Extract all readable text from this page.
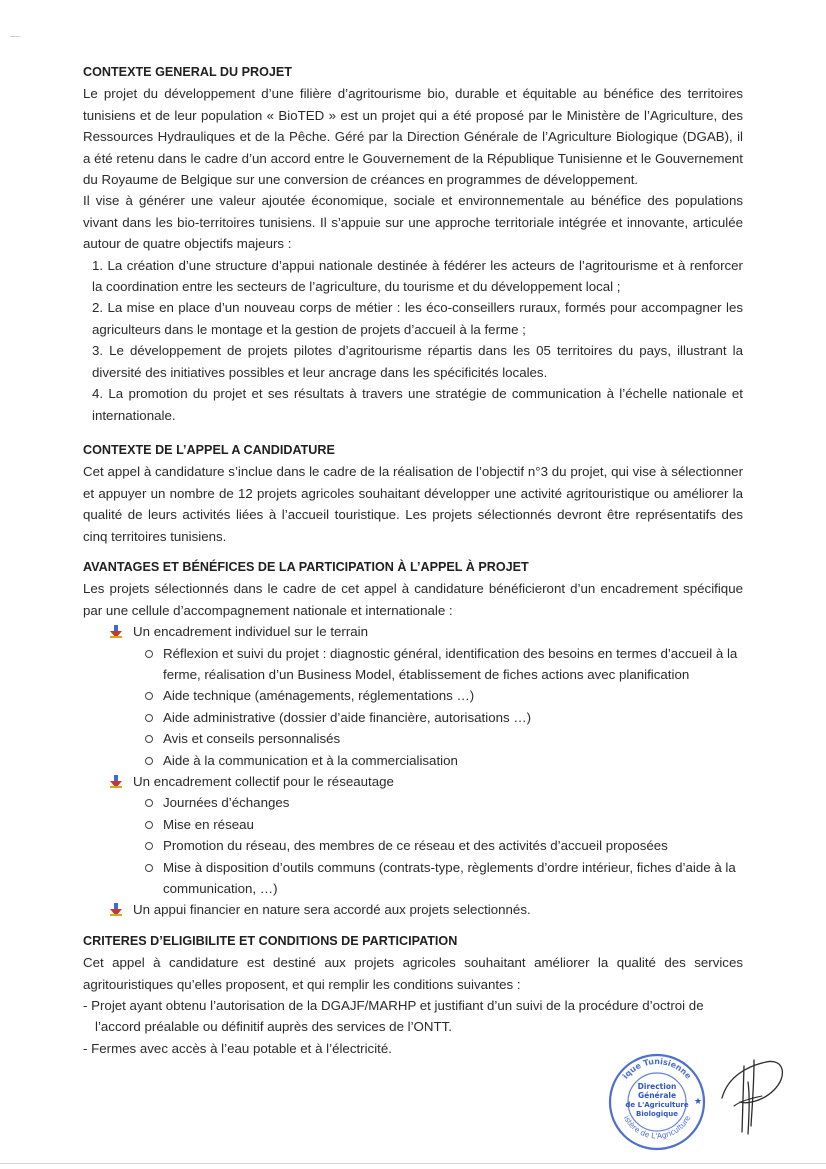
CONTEXTE GENERAL DU PROJET

Le projet du développement d’une filière d’agritourisme bio, durable et équitable au bénéfice des territoires tunisiens et de leur population « BioTED » est un projet qui a été proposé par le Ministère de l’Agriculture, des Ressources Hydrauliques et de la Pêche. Géré par la Direction Générale de l’Agriculture Biologique (DGAB), il a été retenu dans le cadre d’un accord entre le Gouvernement de la République Tunisienne et le Gouvernement du Royaume de Belgique sur une conversion de créances en programmes de développement.

Il vise à générer une valeur ajoutée économique, sociale et environnementale au bénéfice des populations vivant dans les bio-territoires tunisiens. Il s’appuie sur une approche territoriale intégrée et innovante, articulée autour de quatre objectifs majeurs :

1. La création d’une structure d’appui nationale destinée à fédérer les acteurs de l’agritourisme et à renforcer la coordination entre les secteurs de l’agriculture, du tourisme et du développement local ;

2. La mise en place d’un nouveau corps de métier : les éco-conseillers ruraux, formés pour accompagner les agriculteurs dans le montage et la gestion de projets d’accueil à la ferme ;

3. Le développement de projets pilotes d’agritourisme répartis dans les 05 territoires du pays, illustrant la diversité des initiatives possibles et leur ancrage dans les spécificités locales.

4. La promotion du projet et ses résultats à travers une stratégie de communication à l’échelle nationale et internationale.

CONTEXTE DE L’APPEL A CANDIDATURE

Cet appel à candidature s’inclue dans le cadre de la réalisation de l’objectif n°3 du projet, qui vise à sélectionner et appuyer un nombre de 12 projets agricoles souhaitant développer une activité agritouristique ou améliorer la qualité de leurs activités liées à l’accueil touristique. Les projets sélectionnés devront être représentatifs des cinq territoires tunisiens.

AVANTAGES ET BÉNÉFICES DE LA PARTICIPATION À L’APPEL À PROJET

Les projets sélectionnés dans le cadre de cet appel à candidature bénéficieront d’un encadrement spécifique par une cellule d’accompagnement nationale et internationale :

Un encadrement individuel sur le terrain
Réflexion et suivi du projet : diagnostic général, identification des besoins en termes d’accueil à la ferme, réalisation d’un Business Model, établissement de fiches actions avec planification
Aide technique (aménagements, réglementations …)
Aide administrative (dossier d’aide financière, autorisations …)
Avis et conseils personnalisés
Aide à la communication et à la commercialisation
Un encadrement collectif pour le réseautage
Journées d’échanges
Mise en réseau
Promotion du réseau, des membres de ce réseau et des activités d’accueil proposées
Mise à disposition d’outils communs (contrats-type, règlements d’ordre intérieur, fiches d’aide à la communication, …)
Un appui financier en nature sera accordé aux projets selectionnés.
CRITERES D’ELIGIBILITE ET CONDITIONS DE PARTICIPATION

Cet appel à candidature est destiné aux projets agricoles souhaitant améliorer la qualité des services agritouristiques qu’elles proposent, et qui remplir les conditions suivantes :

- Projet ayant obtenu l’autorisation de la DGAJF/MARHP et justifiant d’un suivi de la procédure d’octroi de l’accord préalable ou définitif auprès des services de l’ONTT.

- Fermes avec accès à l’eau potable et à l’électricité.

ique Tunisienne
istère de L'Agriculture
Direction
Générale
de L'Agriculture
Biologique
★
